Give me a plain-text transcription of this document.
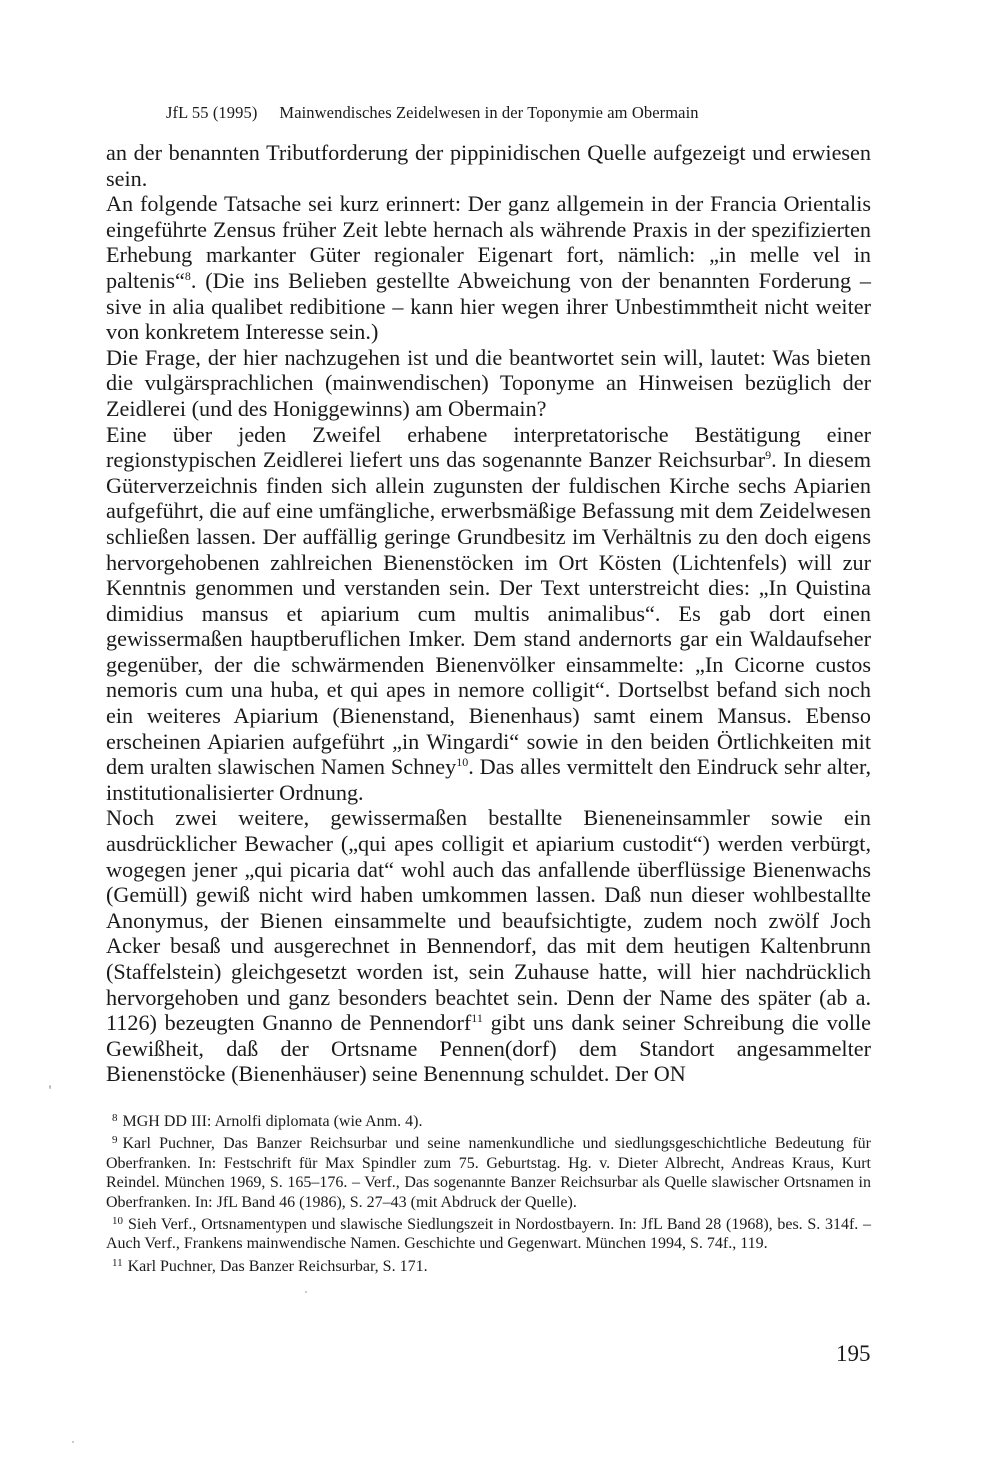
JfL 55 (1995) Mainwendisches Zeidelwesen in der Toponymie am Obermain

an der benannten Tributforderung der pippinidischen Quelle aufgezeigt und erwiesen sein.

An folgende Tatsache sei kurz erinnert: Der ganz allgemein in der Francia Orientalis eingeführte Zensus früher Zeit lebte hernach als währende Praxis in der spezifizierten Erhebung markanter Güter regionaler Eigenart fort, nämlich: „in melle vel in paltenis“$^8$. (Die ins Belieben gestellte Abweichung von der benannten Forderung – sive in alia qualibet redibitione – kann hier wegen ihrer Unbestimmtheit nicht weiter von konkretem Interesse sein.)

Die Frage, der hier nachzugehen ist und die beantwortet sein will, lautet: Was bieten die vulgärsprachlichen (mainwendischen) Toponyme an Hinweisen bezüglich der Zeidlerei (und des Honiggewinns) am Obermain?

Eine über jeden Zweifel erhabene interpretatorische Bestätigung einer regionstypischen Zeidlerei liefert uns das sogenannte Banzer Reichsurbar$^9$. In diesem Güterverzeichnis finden sich allein zugunsten der fuldischen Kirche sechs Apiarien aufgeführt, die auf eine umfängliche, erwerbsmäßige Befassung mit dem Zeidelwesen schließen lassen. Der auffällig geringe Grundbesitz im Verhältnis zu den doch eigens hervorgehobenen zahlreichen Bienenstöcken im Ort Kösten (Lichtenfels) will zur Kenntnis genommen und verstanden sein. Der Text unterstreicht dies: „In Quistina dimidius mansus et apiarium cum multis animalibus“. Es gab dort einen gewissermaßen hauptberuflichen Imker. Dem stand andernorts gar ein Waldaufseher gegenüber, der die schwärmenden Bienenvölker einsammelte: „In Cicorne custos nemoris cum una huba, et qui apes in nemore colligit“. Dortselbst befand sich noch ein weiteres Apiarium (Bienenstand, Bienenhaus) samt einem Mansus. Ebenso erscheinen Apiarien aufgeführt „in Wingardi“ sowie in den beiden Örtlichkeiten mit dem uralten slawischen Namen Schney$^{10}$. Das alles vermittelt den Eindruck sehr alter, institutionalisierter Ordnung.

Noch zwei weitere, gewissermaßen bestallte Bieneneinsammler sowie ein ausdrücklicher Bewacher („qui apes colligit et apiarium custodit“) werden verbürgt, wogegen jener „qui picaria dat“ wohl auch das anfallende überflüssige Bienenwachs (Gemüll) gewiß nicht wird haben umkommen lassen. Daß nun dieser wohlbestallte Anonymus, der Bienen einsammelte und beaufsichtigte, zudem noch zwölf Joch Acker besaß und ausgerechnet in Bennendorf, das mit dem heutigen Kaltenbrunn (Staffelstein) gleichgesetzt worden ist, sein Zuhause hatte, will hier nachdrücklich hervorgehoben und ganz besonders beachtet sein. Denn der Name des später (ab a. 1126) bezeugten Gnanno de Pennendorf$^{11}$ gibt uns dank seiner Schreibung die volle Gewißheit, daß der Ortsname Pennen(dorf) dem Standort angesammelter Bienenstöcke (Bienenhäuser) seine Benennung schuldet. Der ON

$^8$ MGH DD III: Arnolfi diplomata (wie Anm. 4).
$^9$ Karl Puchner, Das Banzer Reichsurbar und seine namenkundliche und siedlungsgeschichtliche Bedeutung für Oberfranken. In: Festschrift für Max Spindler zum 75. Geburtstag. Hg. v. Dieter Albrecht, Andreas Kraus, Kurt Reindel. München 1969, S. 165–176. – Verf., Das sogenannte Banzer Reichsurbar als Quelle slawischer Ortsnamen in Oberfranken. In: JfL Band 46 (1986), S. 27–43 (mit Abdruck der Quelle).
$^{10}$ Sieh Verf., Ortsnamentypen und slawische Siedlungszeit in Nordostbayern. In: JfL Band 28 (1968), bes. S. 314f. – Auch Verf., Frankens mainwendische Namen. Geschichte und Gegenwart. München 1994, S. 74f., 119.
$^{11}$ Karl Puchner, Das Banzer Reichsurbar, S. 171.
195
